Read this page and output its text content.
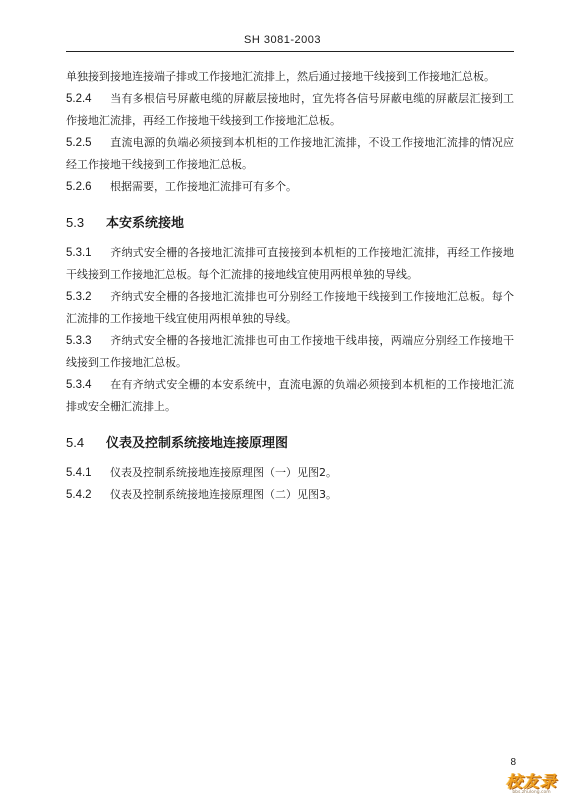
SH 3081-2003

单独接到接地连接端子排或工作接地汇流排上，然后通过接地干线接到工作接地汇总板。

5.2.4 当有多根信号屏蔽电缆的屏蔽层接地时，宜先将各信号屏蔽电缆的屏蔽层汇接到工作接地汇流排，再经工作接地干线接到工作接地汇总板。

5.2.5 直流电源的负端必须接到本机柜的工作接地汇流排，不设工作接地汇流排的情况应经工作接地干线接到工作接地汇总板。

5.2.6 根据需要，工作接地汇流排可有多个。

5.3 本安系统接地

5.3.1 齐纳式安全栅的各接地汇流排可直接接到本机柜的工作接地汇流排，再经工作接地干线接到工作接地汇总板。每个汇流排的接地线宜使用两根单独的导线。

5.3.2 齐纳式安全栅的各接地汇流排也可分别经工作接地干线接到工作接地汇总板。每个汇流排的工作接地干线宜使用两根单独的导线。

5.3.3 齐纳式安全栅的各接地汇流排也可由工作接地干线串接，两端应分别经工作接地干线接到工作接地汇总板。

5.3.4 在有齐纳式安全栅的本安系统中，直流电源的负端必须接到本机柜的工作接地汇流排或安全栅汇流排上。

5.4 仪表及控制系统接地连接原理图

5.4.1 仪表及控制系统接地连接原理图（一）见图2。

5.4.2 仪表及控制系统接地连接原理图（二）见图3。

8
校友录
bbs.zhulong.com
